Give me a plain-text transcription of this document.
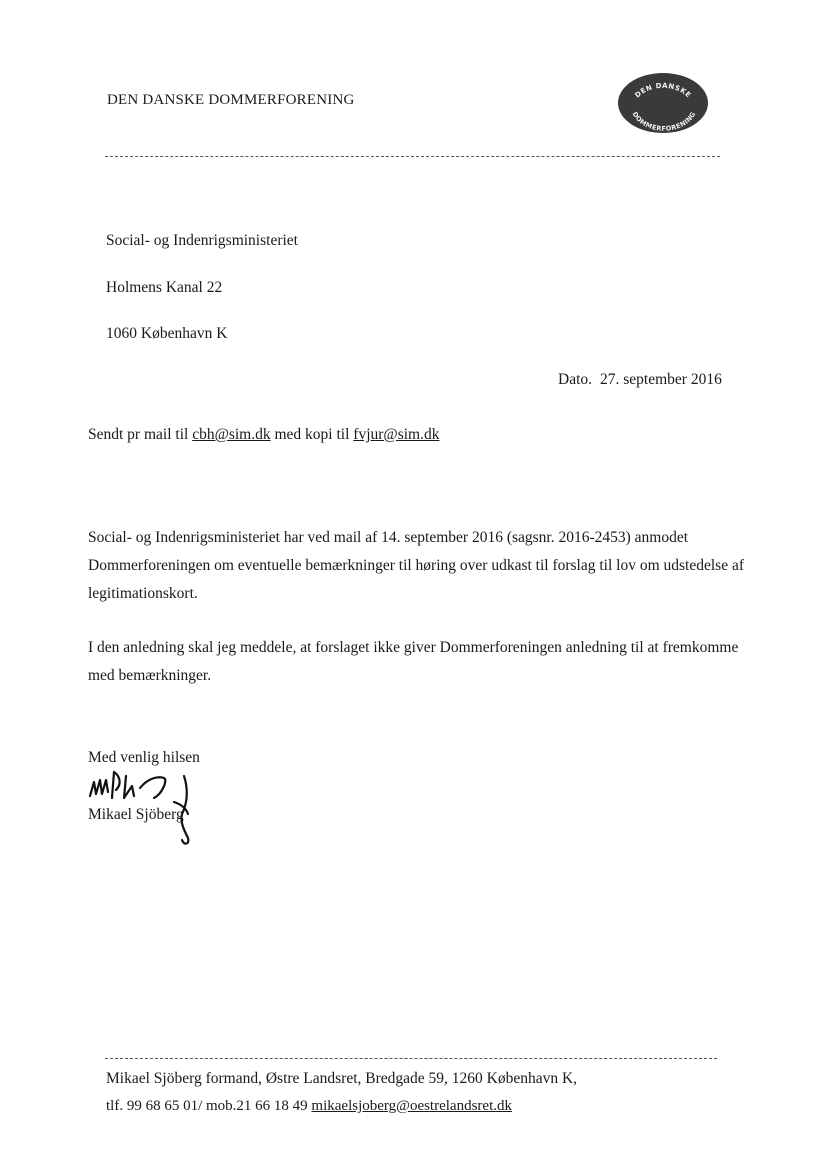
DEN DANSKE DOMMERFORENING	DEN DANSKE
DOMMERFORENING
Social- og Indenrigsministeriet
Holmens Kanal 22
1060 København K
Dato. 27. september 2016
Sendt pr mail til cbh@sim.dk med kopi til fvjur@sim.dk
Social- og Indenrigsministeriet har ved mail af 14. september 2016 (sagsnr. 2016-2453) anmodet Dommerforeningen om eventuelle bemærkninger til høring over udkast til forslag til lov om udstedelse af legitimationskort.
I den anledning skal jeg meddele, at forslaget ikke giver Dommerforeningen anledning til at fremkomme med bemærkninger.
Med venlig hilsen
Mikael Sjöberg
Mikael Sjöberg formand, Østre Landsret, Bredgade 59, 1260 København K,
tlf. 99 68 65 01/ mob.21 66 18 49 mikaelsjoberg@oestrelandsret.dk
